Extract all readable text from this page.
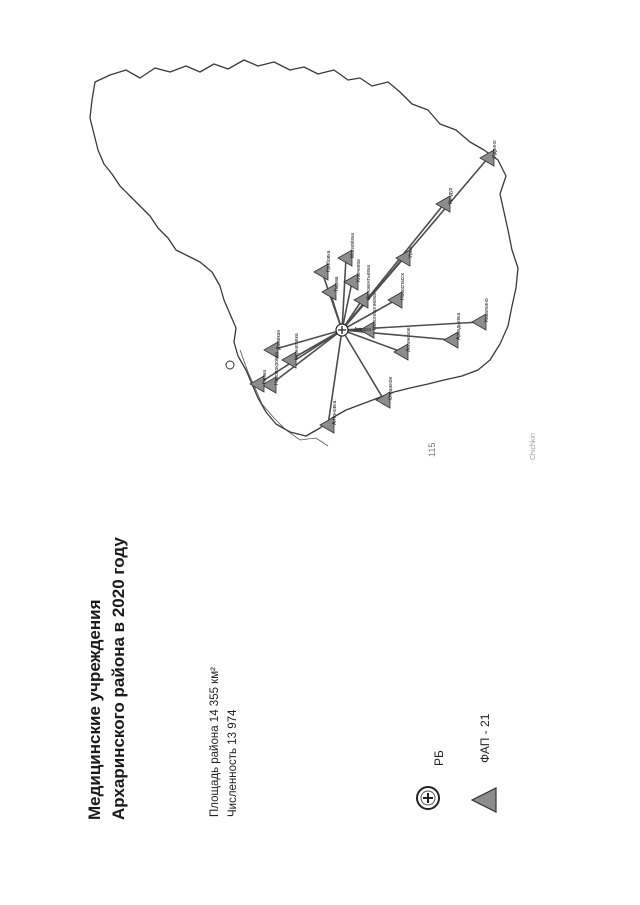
115
Медицинские учреждения Архаринского района в 2020 году	Площадь района 14 355 км² Численность 13 974	РБ	ФАП - 21
Chichkin
Грибовка
Могилёвка
Кундур
Урил
Новоспасск
Аркадьевка
Касаткино
Домикан Черниговка
Новопокровка
Антоновка
Отважное
Ленинское
Гонжа
Ядрино
Иннокентьевка
Новогеоргиевка
Ключевое
Тырма
Архара
